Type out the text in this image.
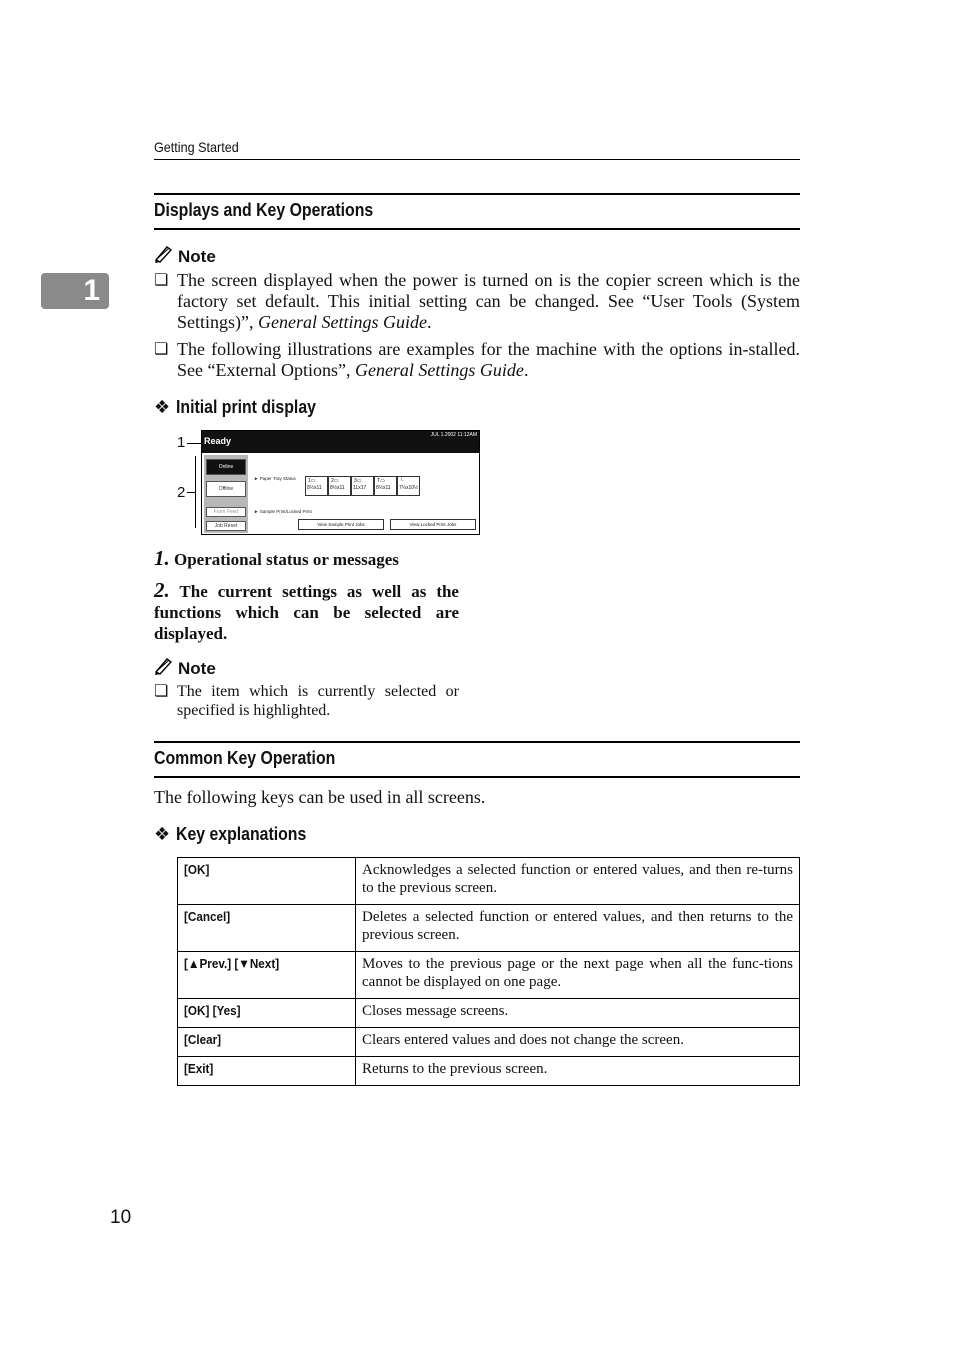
Getting Started
1
Displays and Key Operations
Note
❏ The screen displayed when the power is turned on is the copier screen which is the factory set default. This initial setting can be changed. See “User Tools (System Settings)”, General Settings Guide.
❏ The following illustrations are examples for the machine with the options in-stalled. See “External Options”, General Settings Guide.
❖ Initial print display
1
2
Ready
JUL 1.2002 11:12AM
Online
Offline
Form Feed
Job Reset
► Paper Tray Status 1▭
8½x11
2▭
8½x11
3▭
11x17
T▭
8½x11
└
7¼x10½
► Sample Print/Locked Print
View Sample Print Jobs	View Locked Print Jobs
1. Operational status or messages
2. The current settings as well as the functions which can be selected are displayed.
Note
❏ The item which is currently selected or specified is highlighted.
Common Key Operation
The following keys can be used in all screens.
❖ Key explanations
[OK]	Acknowledges a selected function or entered values, and then re-turns to the previous screen.
[Cancel]	Deletes a selected function or entered values, and then returns to the previous screen.
[▲Prev.] [▼Next]	Moves to the previous page or the next page when all the func-tions cannot be displayed on one page.
[OK] [Yes]	Closes message screens.
[Clear]	Clears entered values and does not change the screen.
[Exit]	Returns to the previous screen.
10
